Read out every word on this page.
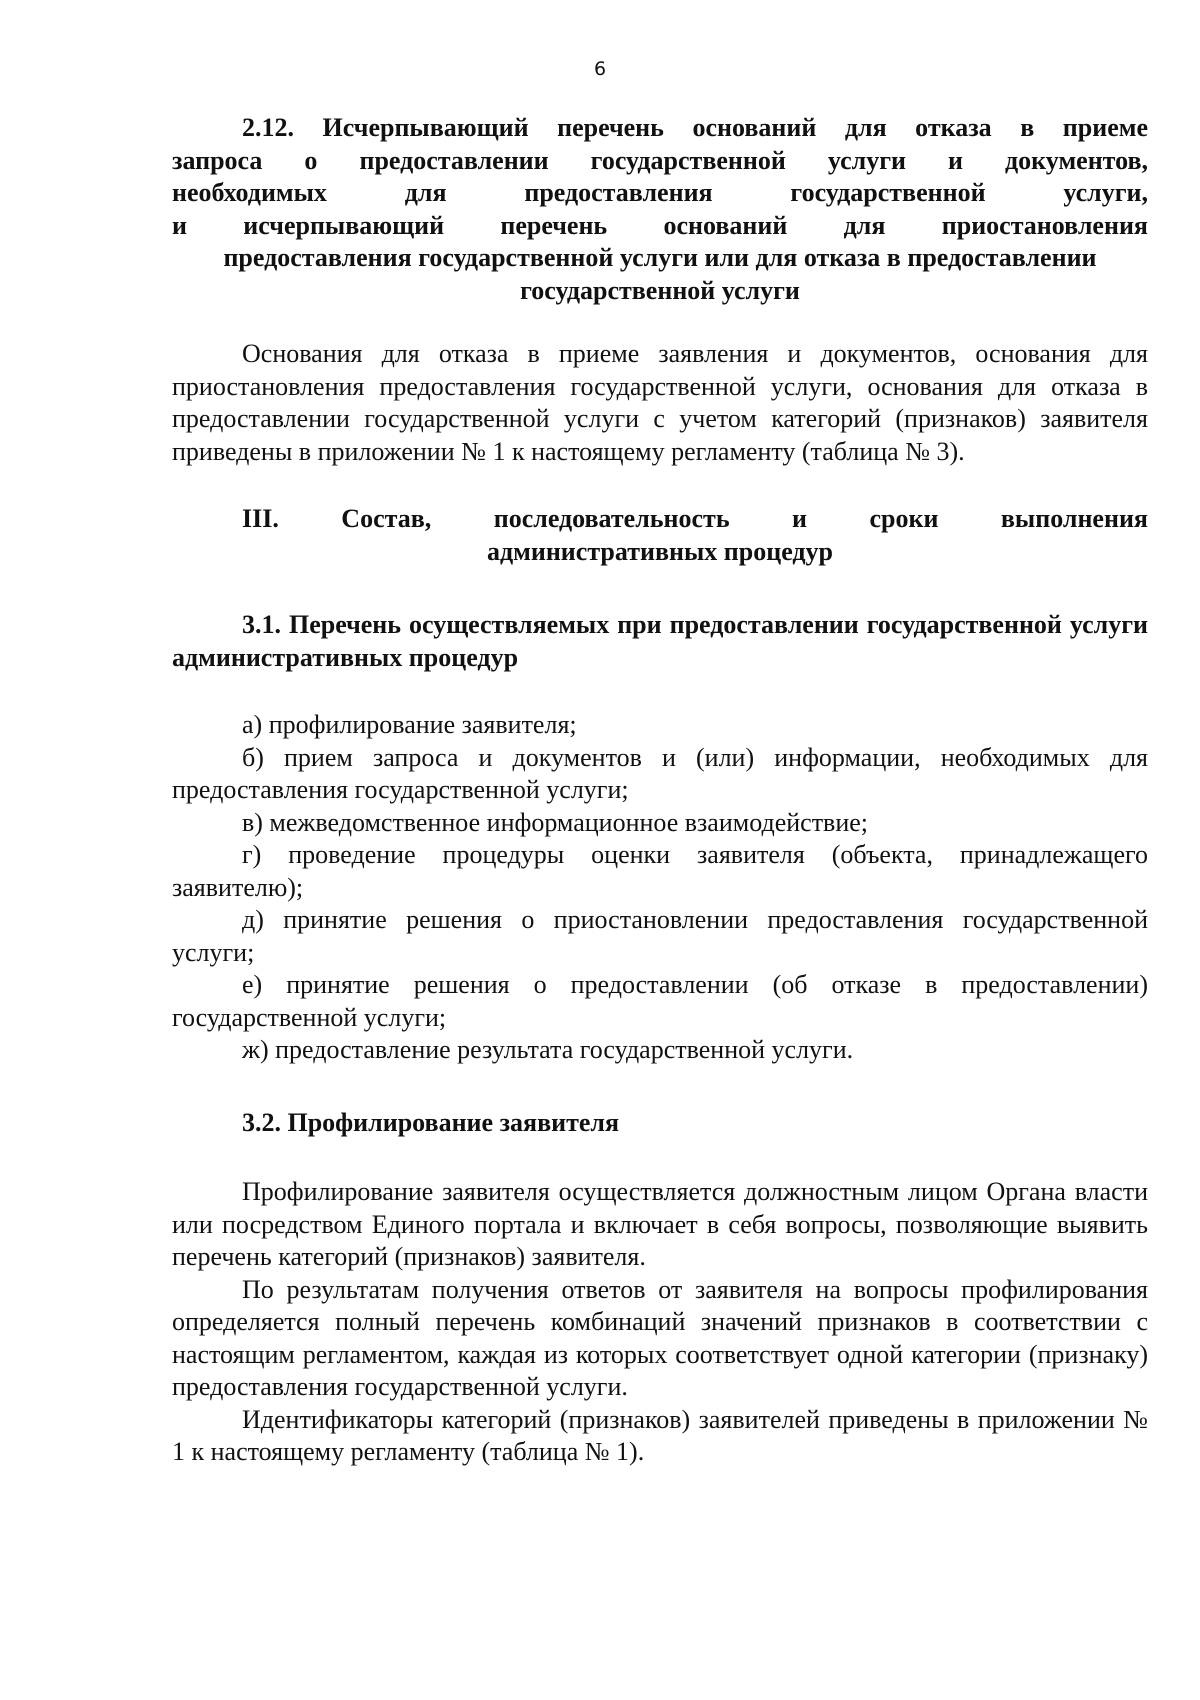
6

2.12. Исчерпывающий перечень оснований для отказа в приеме

запроса о предоставлении государственной услуги и документов,

необходимых для предоставления государственной услуги,

и исчерпывающий перечень оснований для приостановления

предоставления государственной услуги или для отказа в предоставлении

государственной услуги

Основания для отказа в приеме заявления и документов, основания для приостановления предоставления государственной услуги, основания для отказа в предоставлении государственной услуги с учетом категорий (признаков) заявителя приведены в приложении № 1 к настоящему регламенту (таблица № 3).

III. Состав, последовательность и сроки выполнения

административных процедур

3.1. Перечень осуществляемых при предоставлении государственной услуги административных процедур

а) профилирование заявителя;

б) прием запроса и документов и (или) информации, необходимых для предоставления государственной услуги;

в) межведомственное информационное взаимодействие;

г) проведение процедуры оценки заявителя (объекта, принадлежащего заявителю);

д) принятие решения о приостановлении предоставления государственной услуги;

е) принятие решения о предоставлении (об отказе в предоставлении) государственной услуги;

ж) предоставление результата государственной услуги.

3.2. Профилирование заявителя

Профилирование заявителя осуществляется должностным лицом Органа власти или посредством Единого портала и включает в себя вопросы, позволяющие выявить перечень категорий (признаков) заявителя.

По результатам получения ответов от заявителя на вопросы профилирования определяется полный перечень комбинаций значений признаков в соответствии с настоящим регламентом, каждая из которых соответствует одной категории (признаку) предоставления государственной услуги.

Идентификаторы категорий (признаков) заявителей приведены в приложении № 1 к настоящему регламенту (таблица № 1).
